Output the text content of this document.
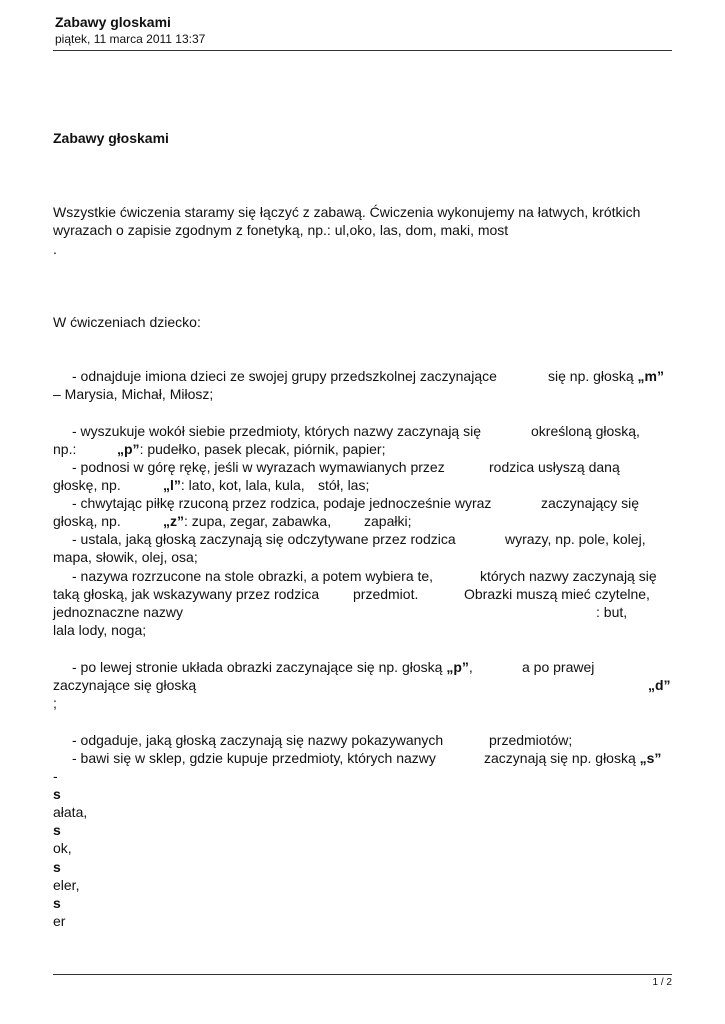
Zabawy gloskami
piątek, 11 marca 2011 13:37
Zabawy głoskami
Wszystkie ćwiczenia staramy się łączyć z zabawą. Ćwiczenia wykonujemy na łatwych, krótkich
wyrazach o zapisie zgodnym z fonetyką, np.: ul,oko, las, dom, maki, most
.
W ćwiczeniach dziecko:
- odnajduje imiona dzieci ze swojej grupy przedszkolnej zaczynające	się np. głoską „m”
– Marysia, Michał, Miłosz;
- wyszukuje wokół siebie przedmioty, których nazwy zaczynają się	określoną głoską,
np.:	„p”: pudełko, pasek plecak, piórnik, papier;
- podnosi w górę rękę, jeśli w wyrazach wymawianych przez	rodzica usłyszą daną
głoskę, np.	„l”: lato, kot, lala, kula, stół, las;
- chwytając piłkę rzuconą przez rodzica, podaje jednocześnie wyraz	zaczynający się
głoską, np.	„z”: zupa, zegar, zabawka, zapałki;
- ustala, jaką głoską zaczynają się odczytywane przez rodzica	wyrazy, np. pole, kolej,
mapa, słowik, olej, osa;
- nazywa rozrzucone na stole obrazki, a potem wybiera te,	których nazwy zaczynają się
taką głoską, jak wskazywany przez rodzica przedmiot.	Obrazki muszą mieć czytelne,
jednoznaczne nazwy	: but,
lala lody, noga;
- po lewej stronie układa obrazki zaczynające się np. głoską „p”,	a po prawej
zaczynające się głoską	„d”
;
- odgaduje, jaką głoską zaczynają się nazwy pokazywanych	przedmiotów;
- bawi się w sklep, gdzie kupuje przedmioty, których nazwy	zaczynają się np. głoską „s”
-
s
ałata,
s
ok,
s
eler,
s
er
1 / 2
